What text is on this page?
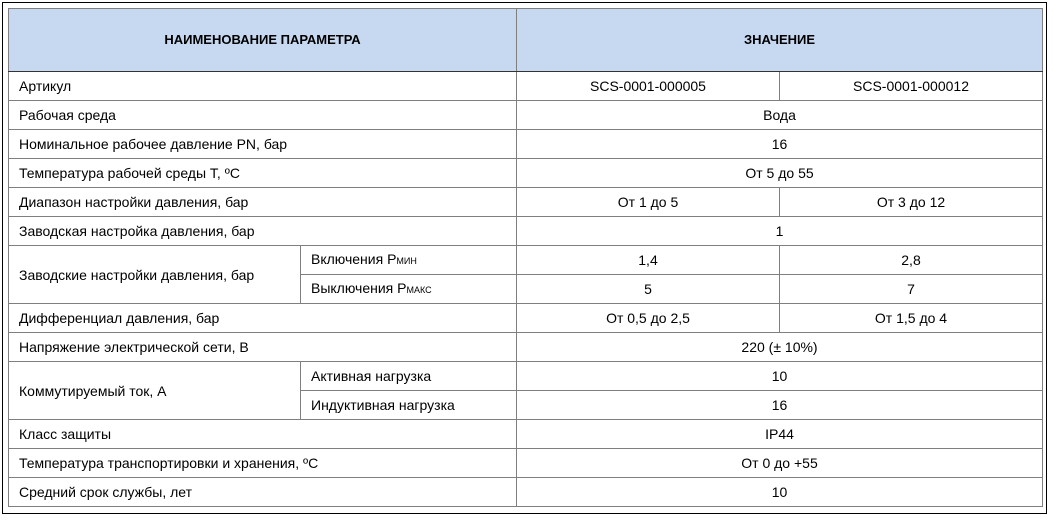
НАИМЕНОВАНИЕ ПАРАМЕТРА		ЗНАЧЕНИЕ	
Артикул		SCS-0001-000005	SCS-0001-000012
Рабочая среда		Вода	
Номинальное рабочее давление PN, бар		16	
Температура рабочей среды T, ºС		От 5 до 55	
Диапазон настройки давления, бар		От 1 до 5	От 3 до 12
Заводская настройка давления, бар		1	
Заводские настройки давления, бар	Включения PМИН	1,4	2,8
	Выключения PМАКС	5	7
Дифференциал давления, бар		От 0,5 до 2,5	От 1,5 до 4
Напряжение электрической сети, В		220 (± 10%)	
Коммутируемый ток, А	Активная нагрузка	10	
	Индуктивная нагрузка	16	
Класс защиты		IP44	
Температура транспортировки и хранения, ºС		От 0 до +55	
Средний срок службы, лет		10	
